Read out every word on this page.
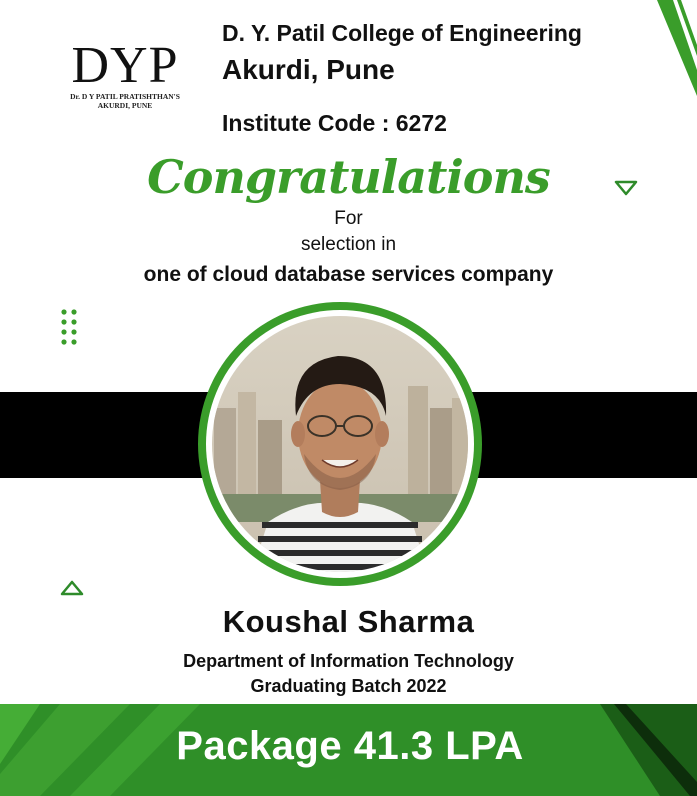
DYP
Dr. D Y PATIL PRATISHTHAN'S
AKURDI, PUNE
D. Y. Patil College of Engineering
Akurdi, Pune
Institute Code : 6272
Congratulations
For
selection in
one of cloud database services company
Koushal Sharma
Department of Information Technology
Graduating Batch 2022
Package 41.3 LPA
